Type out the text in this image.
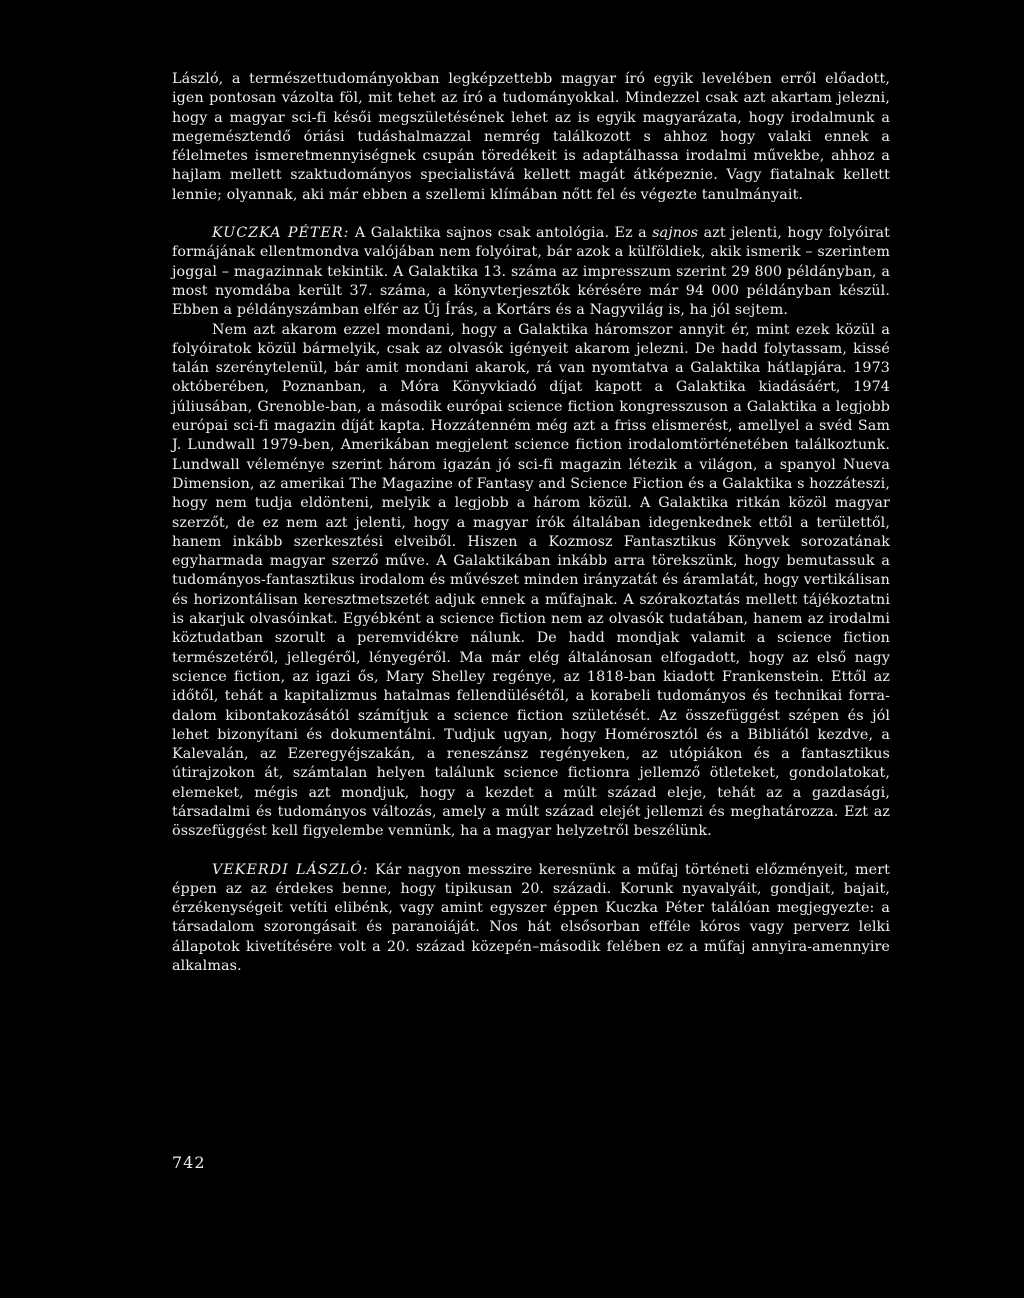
László, a természettudományokban legképzettebb magyar író egyik levelében erről előadott, igen pontosan vázolta föl, mit tehet az író a tudományokkal. Mindezzel csak azt akartam jelezni, hogy a magyar sci-fi késői megszületésének lehet az is egyik magyarázata, hogy irodalmunk a megemésztendő óriási tudáshalmazzal nemrég találkozott s ahhoz hogy valaki ennek a félelmetes ismeretmennyiségnek csupán töredékeit is adaptálhassa irodalmi művekbe, ahhoz a hajlam mellett szaktudományos specialistává kellett magát átképeznie. Vagy fiatalnak kellett lennie; olyannak, aki már ebben a szellemi klímában nőtt fel és végezte tanulmányait.

KUCZKA PÉTER: A Galaktika sajnos csak antológia. Ez a sajnos azt jelenti, hogy folyóirat formájának ellentmondva valójában nem folyóirat, bár azok a külföldiek, akik ismerik – szerintem joggal – magazinnak tekintik. A Galaktika 13. száma az impresszum szerint 29 800 példányban, a most nyomdába került 37. száma, a könyvterjesztők kérésére már 94 000 példányban készül. Ebben a példányszámban elfér az Új Írás, a Kortárs és a Nagyvilág is, ha jól sejtem.

Nem azt akarom ezzel mondani, hogy a Galaktika háromszor annyit ér, mint ezek közül a folyóiratok közül bármelyik, csak az olvasók igényeit akarom jelezni. De hadd folytassam, kissé talán szerénytelenül, bár amit mondani akarok, rá van nyomtatva a Galaktika hátlapjára. 1973 októberében, Poznanban, a Móra Könyvkiadó díjat kapott a Galaktika kiadásáért, 1974 júliusában, Grenoble-ban, a második európai science fiction kongresszuson a Galaktika a legjobb európai sci-fi magazin díját kapta. Hozzátenném még azt a friss elismerést, amellyel a svéd Sam J. Lundwall 1979-ben, Amerikában megjelent science fiction irodalomtörténetében találkoztunk. Lundwall véleménye szerint három igazán jó sci-fi magazin létezik a világon, a spanyol Nueva Dimension, az amerikai The Magazine of Fantasy and Science Fiction és a Galaktika s hozzáteszi, hogy nem tudja eldönteni, melyik a legjobb a három közül. A Galaktika ritkán közöl magyar szerzőt, de ez nem azt jelenti, hogy a magyar írók általában idegenkednek ettől a területtől, hanem inkább szerkesztési elveiből. Hiszen a Kozmosz Fantasztikus Könyvek sorozatának egyharmada magyar szerző műve. A Galaktikában inkább arra törekszünk, hogy bemutassuk a tudományos-fantasztikus irodalom és művészet minden irányzatát és áramlatát, hogy vertikálisan és horizontálisan keresztmetszetét adjuk ennek a műfajnak. A szórakoztatás mellett tájékoztatni is akarjuk olvasóinkat. Egyébként a science fiction nem az olvasók tudatában, hanem az irodalmi köztudatban szorult a peremvidékre nálunk. De hadd mondjak valamit a science fiction természetéről, jellegéről, lényegéről. Ma már elég általánosan elfogadott, hogy az első nagy science fiction, az igazi ős, Mary Shelley regénye, az 1818-ban kiadott Frankenstein. Ettől az időtől, tehát a kapitalizmus hatalmas fellendülésétől, a korabeli tudományos és technikai forradalom kibontakozásától számítjuk a science fiction születését. Az összefüggést szépen és jól lehet bizonyítani és dokumentálni. Tudjuk ugyan, hogy Homérosztól és a Bibliától kezdve, a Kalevalán, az Ezeregyéjszakán, a reneszánsz regényeken, az utópiákon és a fantasztikus útirajzokon át, számtalan helyen találunk science fictionra jellemző ötleteket, gondolatokat, elemeket, mégis azt mondjuk, hogy a kezdet a múlt század eleje, tehát az a gazdasági, társadalmi és tudományos változás, amely a múlt század elejét jellemzi és meghatározza. Ezt az összefüggést kell figyelembe vennünk, ha a magyar helyzetről beszélünk.

VEKERDI LÁSZLÓ: Kár nagyon messzire keresnünk a műfaj történeti előzményeit, mert éppen az az érdekes benne, hogy tipikusan 20. századi. Korunk nyavalyáit, gondjait, bajait, érzékenységeit vetíti elibénk, vagy amint egyszer éppen Kuczka Péter találóan megjegyezte: a társadalom szorongásait és paranoiáját. Nos hát elsősorban efféle kóros vagy perverz lelki állapotok kivetítésére volt a 20. század közepén–második felében ez a műfaj annyira-amennyire alkalmas.

742
